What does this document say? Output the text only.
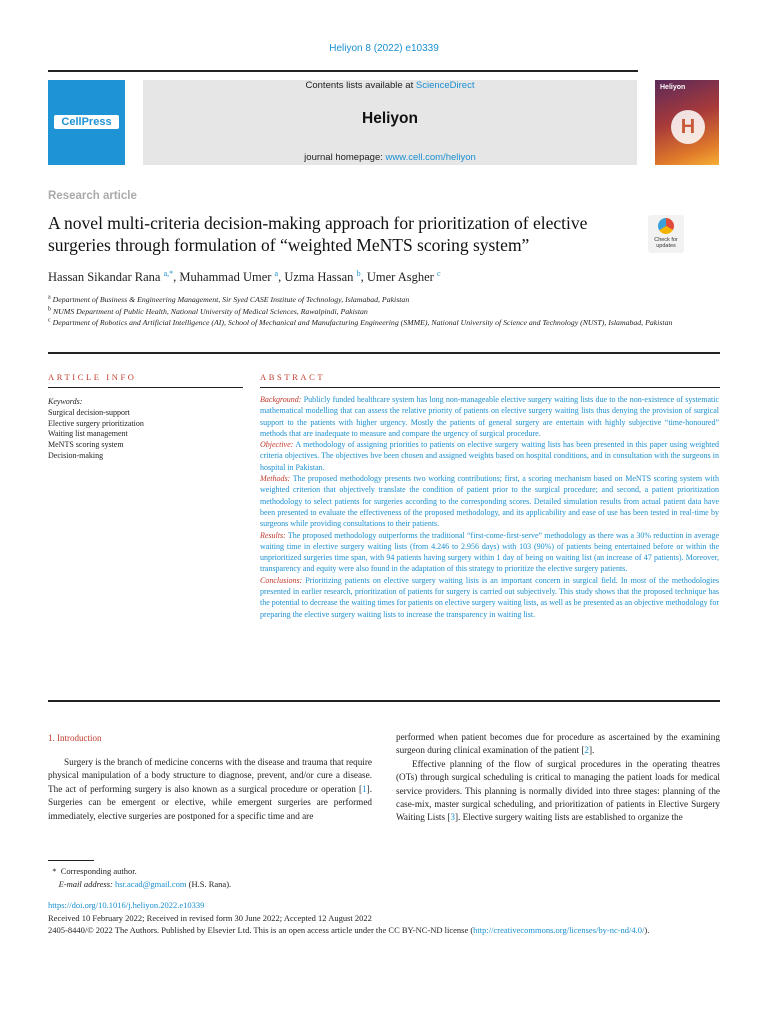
Heliyon 8 (2022) e10339
CellPress
Contents lists available at ScienceDirect
Heliyon
journal homepage: www.cell.com/heliyon
Heliyon
H
Research article
A novel multi-criteria decision-making approach for prioritization of elective surgeries through formulation of “weighted MeNTS scoring system”	Check for updates
Hassan Sikandar Rana $^{a,*}$, Muhammad Umer $^a$, Uzma Hassan $^b$, Umer Asgher $^c$
$^a$ Department of Business & Engineering Management, Sir Syed CASE Institute of Technology, Islamabad, Pakistan
$^b$ NUMS Department of Public Health, National University of Medical Sciences, Rawalpindi, Pakistan
$^c$ Department of Robotics and Artificial Intelligence (AI), School of Mechanical and Manufacturing Engineering (SMME), National University of Science and Technology (NUST), Islamabad, Pakistan
ARTICLE INFO	ABSTRACT
Keywords:
Surgical decision-support
Elective surgery prioritization
Waiting list management
MeNTS scoring system
Decision-making

Background: Publicly funded healthcare system has long non-manageable elective surgery waiting lists due to the non-existence of systematic mathematical modelling that can assess the relative priority of patients on elective surgery waiting lists thus denying the provision of surgical support to the patients with higher urgency. Mostly the patients of general surgery are entertain with highly subjective “time-honoured” methods that are inadequate to measure and compare the urgency of surgical procedure.

Objective: A methodology of assigning priorities to patients on elective surgery waiting lists has been presented in this paper using weighted criteria objectives. The objectives hve been chosen and assigned weights based on hospital conditions, and in consultation with the surgeons in hospital in Pakistan.

Methods: The proposed methodology presents two working contributions; first, a scoring mechanism based on MeNTS scoring system with weighted criterion that objectively translate the condition of patient prior to the surgical procedure; and second, a patient prioritization methodology to select patients for surgeries according to the corresponding scores. Detailed simulation results from actual patient data have been presented to evaluate the effectiveness of the proposed methodology, and its applicability and ease of use has been tested in real-time by surgeons while providing consultations to their patients.

Results: The proposed methodology outperforms the traditional “first-come-first-serve” methodology as there was a 30% reduction in average waiting time in elective surgery waiting lists (from 4.246 to 2.956 days) with 103 (90%) of patients being entertained before or within the unprioritized surgeries time span, with 94 patients having surgery within 1 day of being on waiting list (an increase of 47 patients). Moreover, transparency and equity were also found in the adaptation of this strategy to prioritize the elective surgery patients.

Conclusions: Prioritizing patients on elective surgery waiting lists is an important concern in surgical field. In most of the methodologies presented in earlier research, prioritization of patients for surgery is carried out subjectively. This study shows that the proposed technique has the potential to decrease the waiting times for patients on elective surgery waiting lists, as well as be presented as an objective methodology for preparing the elective surgery waiting lists to increase the transparency in waiting list.

1. Introduction

Surgery is the branch of medicine concerns with the disease and trauma that require physical manipulation of a body structure to diagnose, prevent, and/or cure a disease. The act of performing surgery is also known as a surgical procedure or operation [1]. Surgeries can be emergent or elective, while emergent surgeries are performed immediately, elective surgeries are postponed for a specific time and are

performed when patient becomes due for procedure as ascertained by the examining surgeon during clinical examination of the patient [2].

Effective planning of the flow of surgical procedures in the operating theatres (OTs) through surgical scheduling is critical to managing the patient loads for medical service providers. This planning is normally divided into three stages: planning of the case-mix, master surgical scheduling, and prioritization of patients in Elective Surgery Waiting Lists [3]. Elective surgery waiting lists are established to organize the

*  Corresponding author.
E-mail address: hsr.acad@gmail.com (H.S. Rana).

https://doi.org/10.1016/j.heliyon.2022.e10339

Received 10 February 2022; Received in revised form 30 June 2022; Accepted 12 August 2022

2405-8440/© 2022 The Authors. Published by Elsevier Ltd. This is an open access article under the CC BY-NC-ND license (http://creativecommons.org/licenses/by-nc-nd/4.0/).
